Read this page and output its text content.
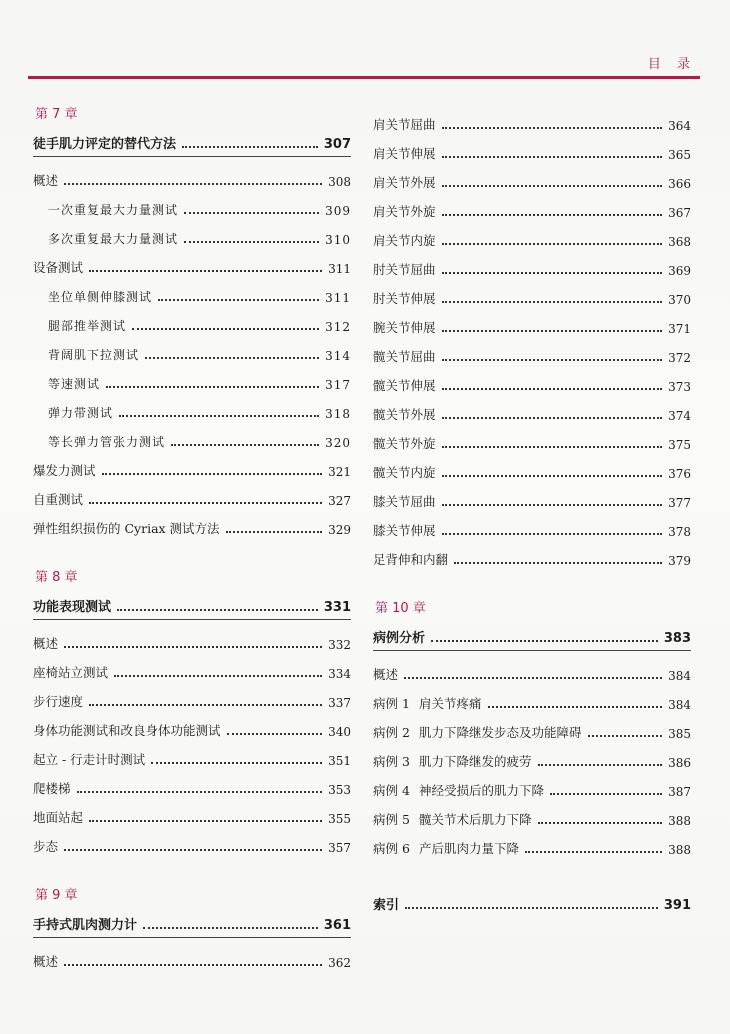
目 录
第 7 章
徒手肌力评定的替代方法	307
概述	308
一次重复最大力量测试	309
多次重复最大力量测试	310
设备测试	311
坐位单侧伸膝测试	311
腿部推举测试	312
背阔肌下拉测试	314
等速测试	317
弹力带测试	318
等长弹力管张力测试	320
爆发力测试	321
自重测试	327
弹性组织损伤的 Cyriax 测试方法	329
第 8 章
功能表现测试	331
概述	332
座椅站立测试	334
步行速度	337
身体功能测试和改良身体功能测试	340
起立 - 行走计时测试	351
爬楼梯	353
地面站起	355
步态	357
第 9 章
手持式肌肉测力计	361
概述	362
肩关节屈曲	364
肩关节伸展	365
肩关节外展	366
肩关节外旋	367
肩关节内旋	368
肘关节屈曲	369
肘关节伸展	370
腕关节伸展	371
髋关节屈曲	372
髋关节伸展	373
髋关节外展	374
髋关节外旋	375
髋关节内旋	376
膝关节屈曲	377
膝关节伸展	378
足背伸和内翻	379
第 10 章
病例分析	383
概述	384
病例 1 肩关节疼痛	384
病例 2 肌力下降继发步态及功能障碍	385
病例 3 肌力下降继发的疲劳	386
病例 4 神经受损后的肌力下降	387
病例 5 髋关节术后肌力下降	388
病例 6 产后肌肉力量下降	388
索引	391
